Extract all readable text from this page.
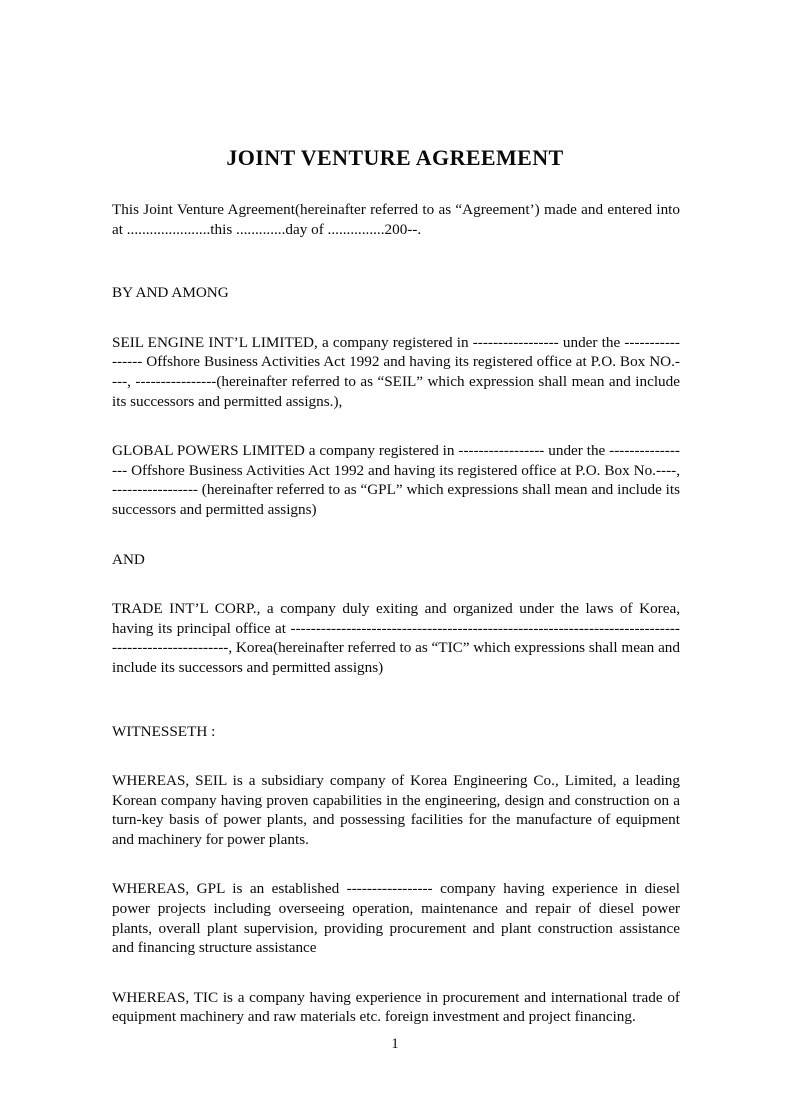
JOINT VENTURE AGREEMENT

This Joint Venture Agreement(hereinafter referred to as “Agreement’) made and entered into at ......................this .............day of ...............200--.

BY AND AMONG

SEIL ENGINE INT’L LIMITED, a company registered in ----------------- under the ----------------- Offshore Business Activities Act 1992 and having its registered office at P.O. Box NO.----, ----------------(hereinafter referred to as “SEIL” which expression shall mean and include its successors and permitted assigns.),

GLOBAL POWERS LIMITED a company registered in ----------------- under the ----------------- Offshore Business Activities Act 1992 and having its registered office at P.O. Box No.----, ----------------- (hereinafter referred to as “GPL” which expressions shall mean and include its successors and permitted assigns)

AND

TRADE INT’L CORP., a company duly exiting and organized under the laws of Korea, having its principal office at ----------------------------------------------------------------------------------------------------, Korea(hereinafter referred to as “TIC” which expressions shall mean and include its successors and permitted assigns)

WITNESSETH :

WHEREAS, SEIL is a subsidiary company of Korea Engineering Co., Limited, a leading Korean company having proven capabilities in the engineering, design and construction on a turn-key basis of power plants, and possessing facilities for the manufacture of equipment and machinery for power plants.

WHEREAS, GPL is an established ----------------- company having experience in diesel power projects including overseeing operation, maintenance and repair of diesel power plants, overall plant supervision, providing procurement and plant construction assistance and financing structure assistance

WHEREAS, TIC is a company having experience in procurement and international trade of equipment machinery and raw materials etc. foreign investment and project financing.

1
